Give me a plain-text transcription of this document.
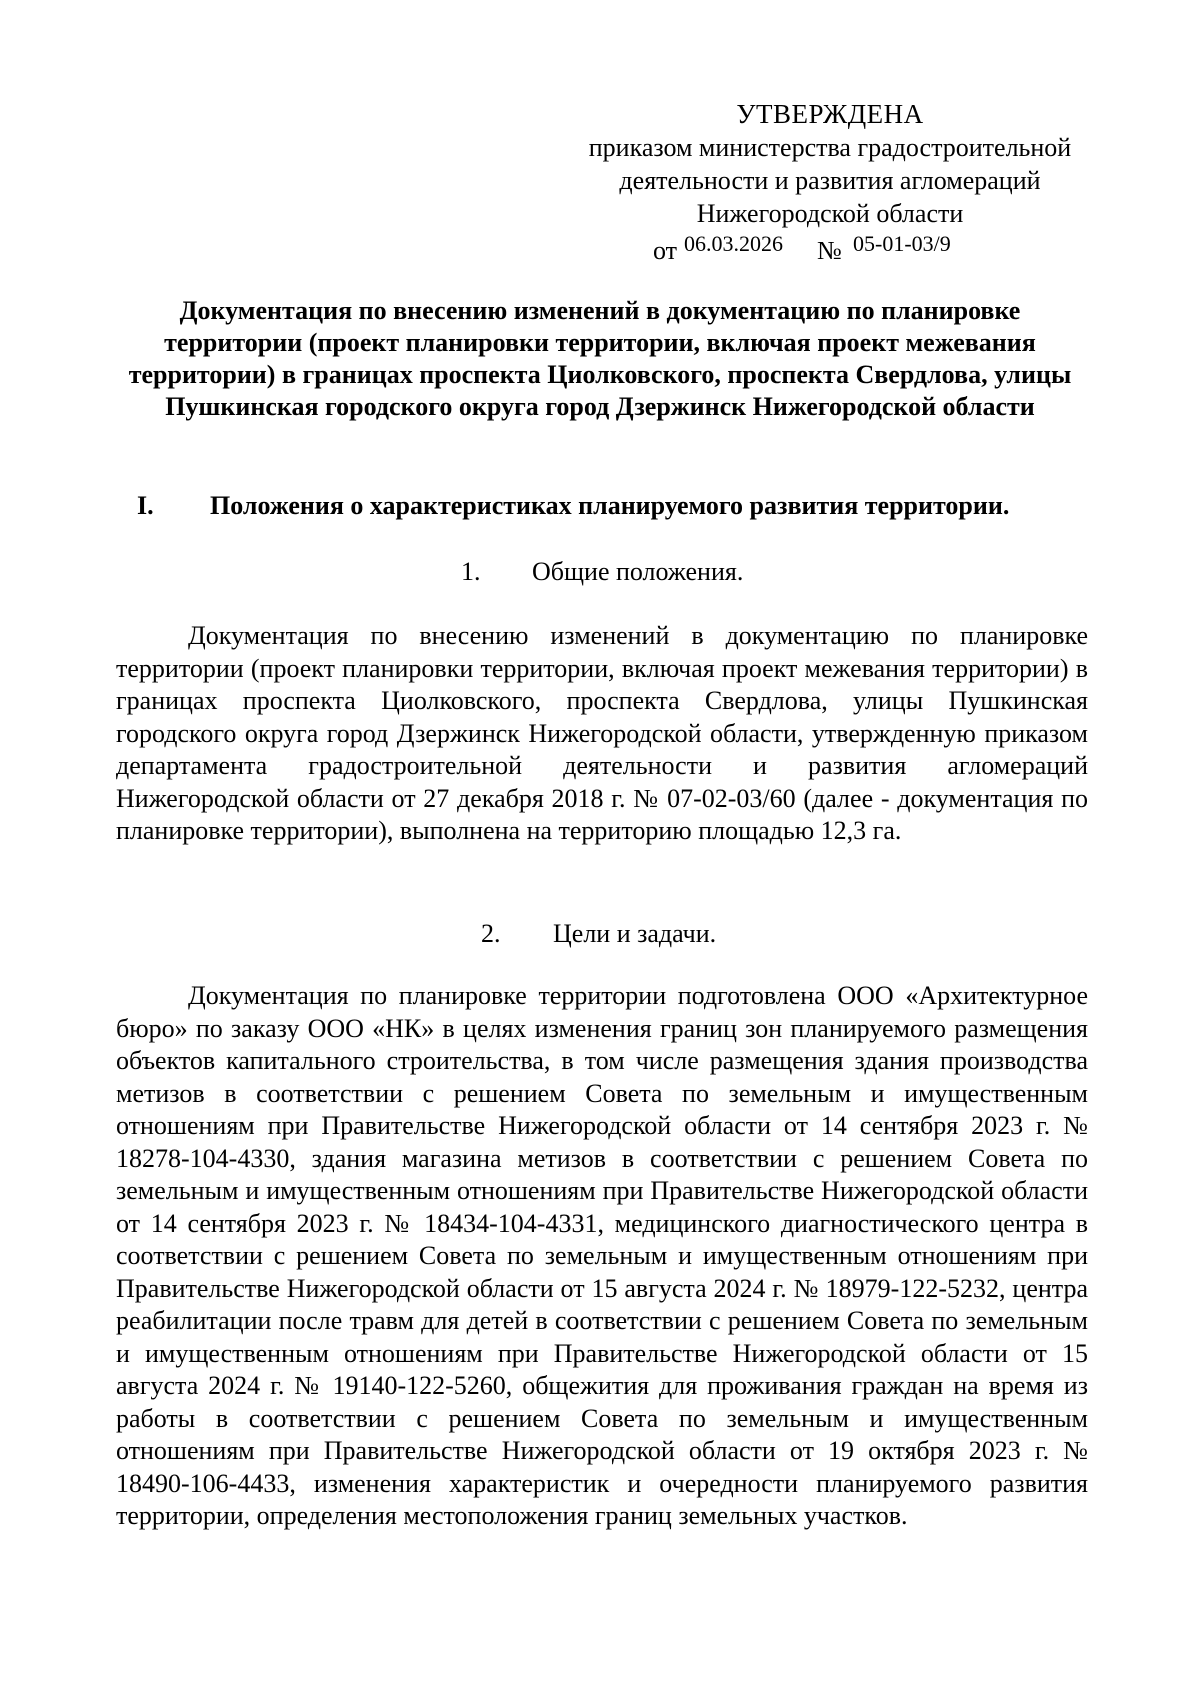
УТВЕРЖДЕНА
приказом министерства градостроительной
деятельности и развития агломераций
Нижегородской области
от 06.03.2026 № 05-01-03/9
Документация по внесению изменений в документацию по планировке территории (проект планировки территории, включая проект межевания территории) в границах проспекта Циолковского, проспекта Свердлова, улицы Пушкинская городского округа город Дзержинск Нижегородской области
I. Положения о характеристиках планируемого развития территории.
1. Общие положения.
Документация по внесению изменений в документацию по планировке территории (проект планировки территории, включая проект межевания территории) в границах проспекта Циолковского, проспекта Свердлова, улицы Пушкинская городского округа город Дзержинск Нижегородской области, утвержденную приказом департамента градостроительной деятельности и развития агломераций Нижегородской области от 27 декабря 2018 г. № 07-02-03/60 (далее - документация по планировке территории), выполнена на территорию площадью 12,3 га.
2. Цели и задачи.
Документация по планировке территории подготовлена ООО «Архитектурное бюро» по заказу ООО «НК» в целях изменения границ зон планируемого размещения объектов капитального строительства, в том числе размещения здания производства метизов в соответствии с решением Совета по земельным и имущественным отношениям при Правительстве Нижегородской области от 14 сентября 2023 г. № 18278-104-4330, здания магазина метизов в соответствии с решением Совета по земельным и имущественным отношениям при Правительстве Нижегородской области от 14 сентября 2023 г. № 18434-104-4331, медицинского диагностического центра в соответствии с решением Совета по земельным и имущественным отношениям при Правительстве Нижегородской области от 15 августа 2024 г. № 18979-122-5232, центра реабилитации после травм для детей в соответствии с решением Совета по земельным и имущественным отношениям при Правительстве Нижегородской области от 15 августа 2024 г. № 19140-122-5260, общежития для проживания граждан на время из работы в соответствии с решением Совета по земельным и имущественным отношениям при Правительстве Нижегородской области от 19 октября 2023 г. № 18490-106-4433, изменения характеристик и очередности планируемого развития территории, определения местоположения границ земельных участков.
